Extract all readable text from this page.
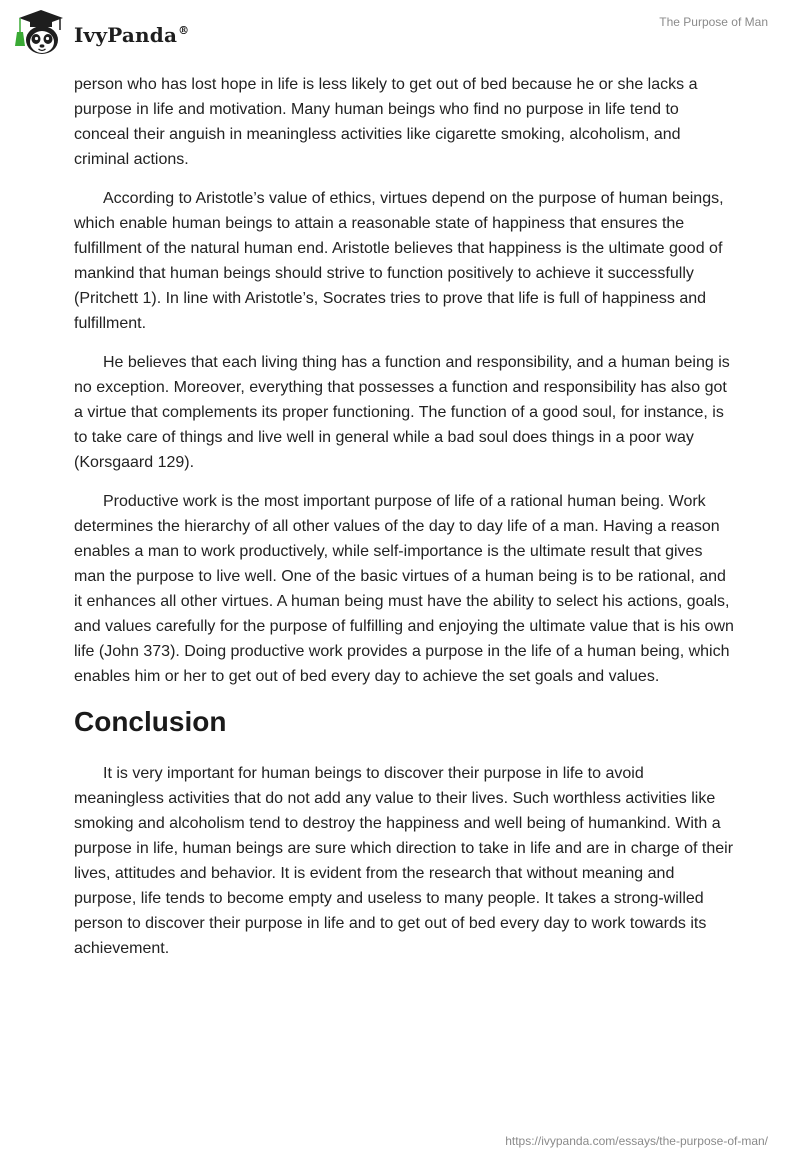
IvyPanda®
The Purpose of Man

person who has lost hope in life is less likely to get out of bed because he or she lacks a purpose in life and motivation. Many human beings who find no purpose in life tend to conceal their anguish in meaningless activities like cigarette smoking, alcoholism, and criminal actions.

According to Aristotle’s value of ethics, virtues depend on the purpose of human beings, which enable human beings to attain a reasonable state of happiness that ensures the fulfillment of the natural human end. Aristotle believes that happiness is the ultimate good of mankind that human beings should strive to function positively to achieve it successfully (Pritchett 1). In line with Aristotle’s, Socrates tries to prove that life is full of happiness and fulfillment.

He believes that each living thing has a function and responsibility, and a human being is no exception. Moreover, everything that possesses a function and responsibility has also got a virtue that complements its proper functioning. The function of a good soul, for instance, is to take care of things and live well in general while a bad soul does things in a poor way (Korsgaard 129).

Productive work is the most important purpose of life of a rational human being. Work determines the hierarchy of all other values of the day to day life of a man. Having a reason enables a man to work productively, while self-importance is the ultimate result that gives man the purpose to live well. One of the basic virtues of a human being is to be rational, and it enhances all other virtues. A human being must have the ability to select his actions, goals, and values carefully for the purpose of fulfilling and enjoying the ultimate value that is his own life (John 373). Doing productive work provides a purpose in the life of a human being, which enables him or her to get out of bed every day to achieve the set goals and values.

Conclusion

It is very important for human beings to discover their purpose in life to avoid meaningless activities that do not add any value to their lives. Such worthless activities like smoking and alcoholism tend to destroy the happiness and well being of humankind. With a purpose in life, human beings are sure which direction to take in life and are in charge of their lives, attitudes and behavior. It is evident from the research that without meaning and purpose, life tends to become empty and useless to many people. It takes a strong-willed person to discover their purpose in life and to get out of bed every day to work towards its achievement.

https://ivypanda.com/essays/the-purpose-of-man/
